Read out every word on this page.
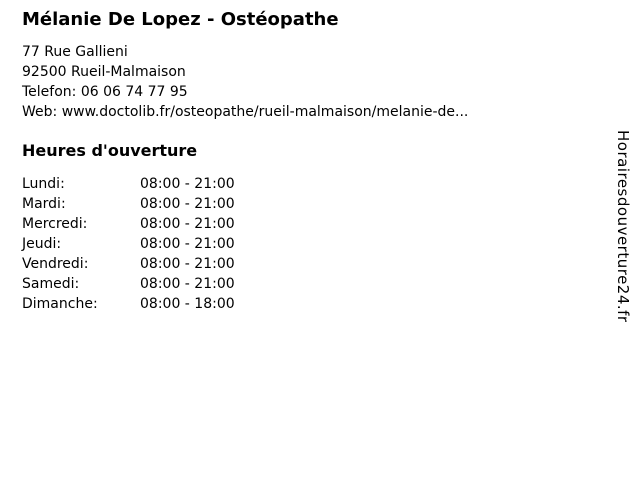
Mélanie De Lopez - Ostéopathe
77 Rue Gallieni
92500 Rueil-Malmaison
Telefon: 06 06 74 77 95
Web: www.doctolib.fr/osteopathe/rueil-malmaison/melanie-de...
Heures d'ouverture
Lundi:	08:00 - 21:00
Mardi:	08:00 - 21:00
Mercredi:	08:00 - 21:00
Jeudi:	08:00 - 21:00
Vendredi:	08:00 - 21:00
Samedi:	08:00 - 21:00
Dimanche:	08:00 - 18:00	Horairesdouverture24.fr
